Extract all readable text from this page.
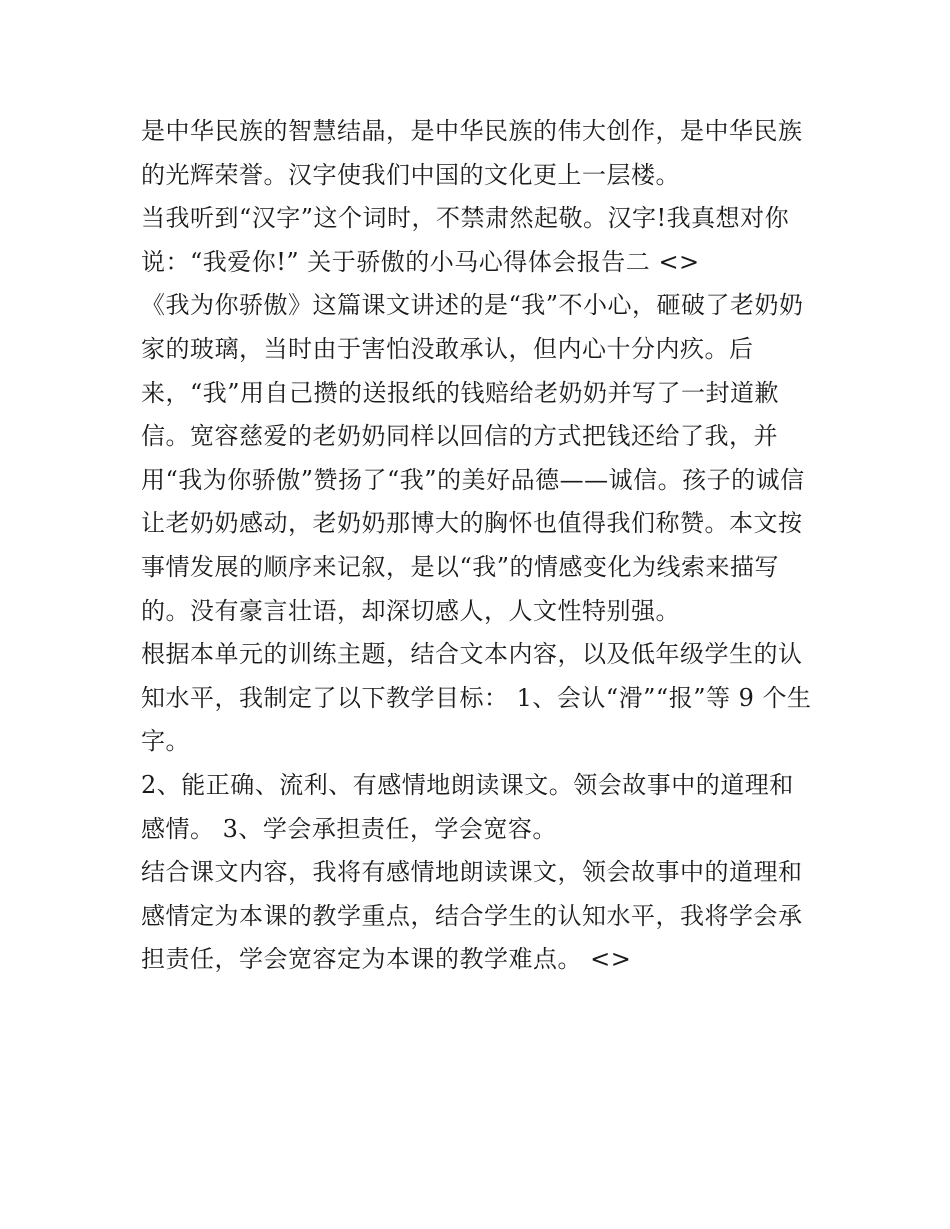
是中华民族的智慧结晶，是中华民族的伟大创作，是中华民族
的光辉荣誉。汉字使我们中国的文化更上一层楼。
当我听到“汉字”这个词时，不禁肃然起敬。汉字!我真想对你
说：“我爱你!” 关于骄傲的小马心得体会报告二 <>
《我为你骄傲》这篇课文讲述的是“我”不小心，砸破了老奶奶
家的玻璃，当时由于害怕没敢承认，但内心十分内疚。后
来，“我”用自己攒的送报纸的钱赔给老奶奶并写了一封道歉
信。宽容慈爱的老奶奶同样以回信的方式把钱还给了我，并
用“我为你骄傲”赞扬了“我”的美好品德——诚信。孩子的诚信
让老奶奶感动，老奶奶那博大的胸怀也值得我们称赞。本文按
事情发展的顺序来记叙，是以“我”的情感变化为线索来描写
的。没有豪言壮语，却深切感人，人文性特别强。
根据本单元的训练主题，结合文本内容，以及低年级学生的认
知水平，我制定了以下教学目标： 1、会认“滑”“报”等 9 个生
字。
2、能正确、流利、有感情地朗读课文。领会故事中的道理和
感情。 3、学会承担责任，学会宽容。
结合课文内容，我将有感情地朗读课文，领会故事中的道理和
感情定为本课的教学重点，结合学生的认知水平，我将学会承
担责任，学会宽容定为本课的教学难点。 <>
